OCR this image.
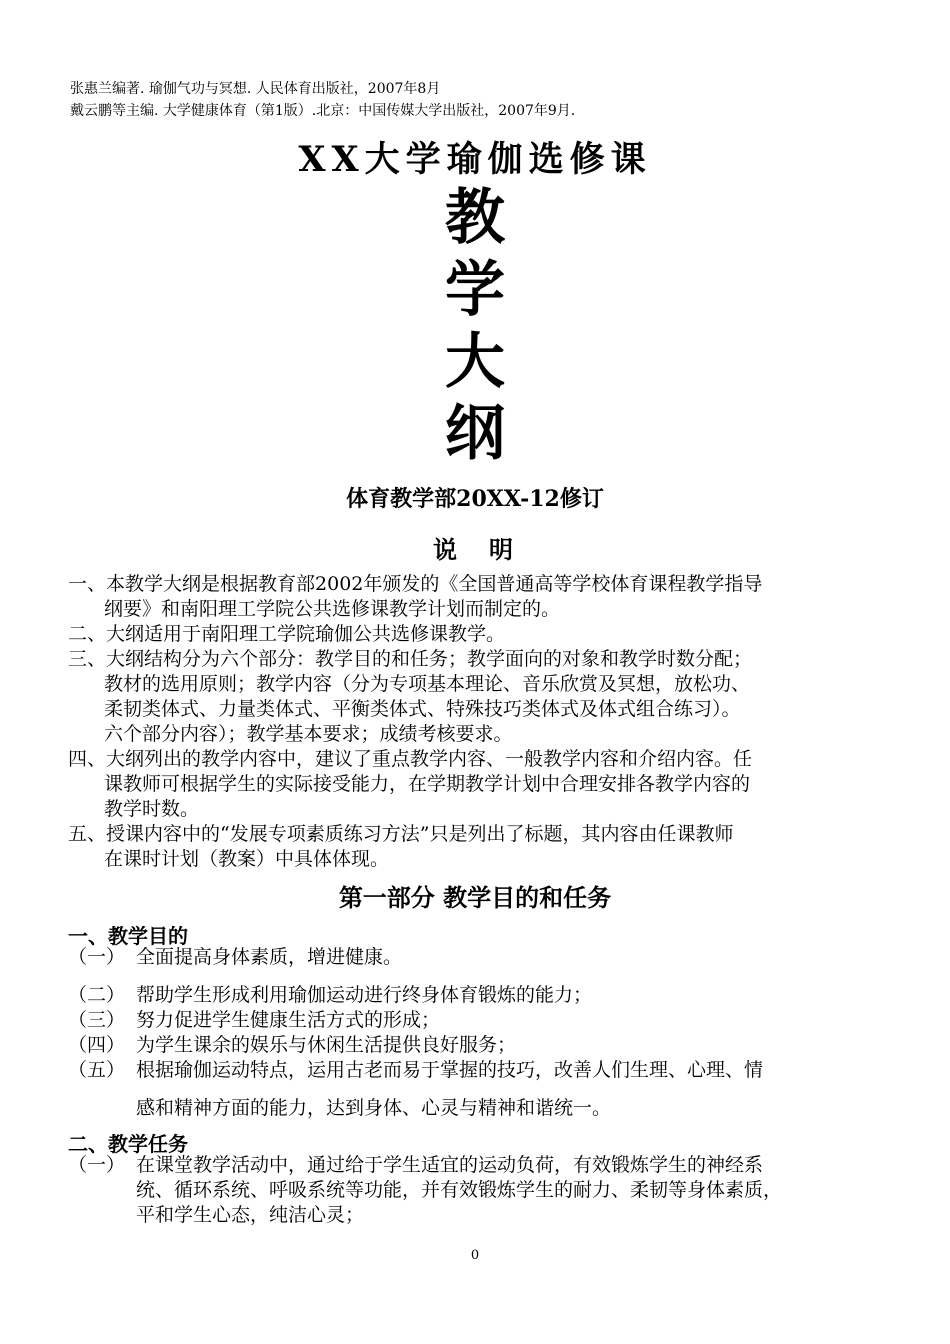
张惠兰编著. 瑜伽气功与冥想. 人民体育出版社，2007年8月
戴云鹏等主编. 大学健康体育（第1版）.北京：中国传媒大学出版社，2007年9月.
XX大学瑜伽选修课
教
学
大
纲
体育教学部20XX-12修订
说　明
一、 本教学大纲是根据教育部2002年颁发的《全国普通高等学校体育课程教学指导
纲要》和南阳理工学院公共选修课教学计划而制定的。
二、 大纲适用于南阳理工学院瑜伽公共选修课教学。
三、 大纲结构分为六个部分：教学目的和任务；教学面向的对象和教学时数分配；
教材的选用原则；教学内容（分为专项基本理论、音乐欣赏及冥想，放松功、
柔韧类体式、力量类体式、平衡类体式、特殊技巧类体式及体式组合练习）。
六个部分内容）；教学基本要求；成绩考核要求。
四、 大纲列出的教学内容中，建议了重点教学内容、一般教学内容和介绍内容。任
课教师可根据学生的实际接受能力，在学期教学计划中合理安排各教学内容的
教学时数。
五、 授课内容中的“发展专项素质练习方法”只是列出了标题，其内容由任课教师
在课时计划（教案）中具体体现。
第一部分 教学目的和任务
一、教学目的
（一） 全面提高身体素质，增进健康。
（二） 帮助学生形成利用瑜伽运动进行终身体育锻炼的能力；
（三） 努力促进学生健康生活方式的形成；
（四） 为学生课余的娱乐与休闲生活提供良好服务；
（五） 根据瑜伽运动特点，运用古老而易于掌握的技巧，改善人们生理、心理、情
感和精神方面的能力，达到身体、心灵与精神和谐统一。
二、教学任务
（一） 在课堂教学活动中，通过给于学生适宜的运动负荷，有效锻炼学生的神经系
统、循环系统、呼吸系统等功能，并有效锻炼学生的耐力、柔韧等身体素质，
平和学生心态，纯洁心灵；
0
